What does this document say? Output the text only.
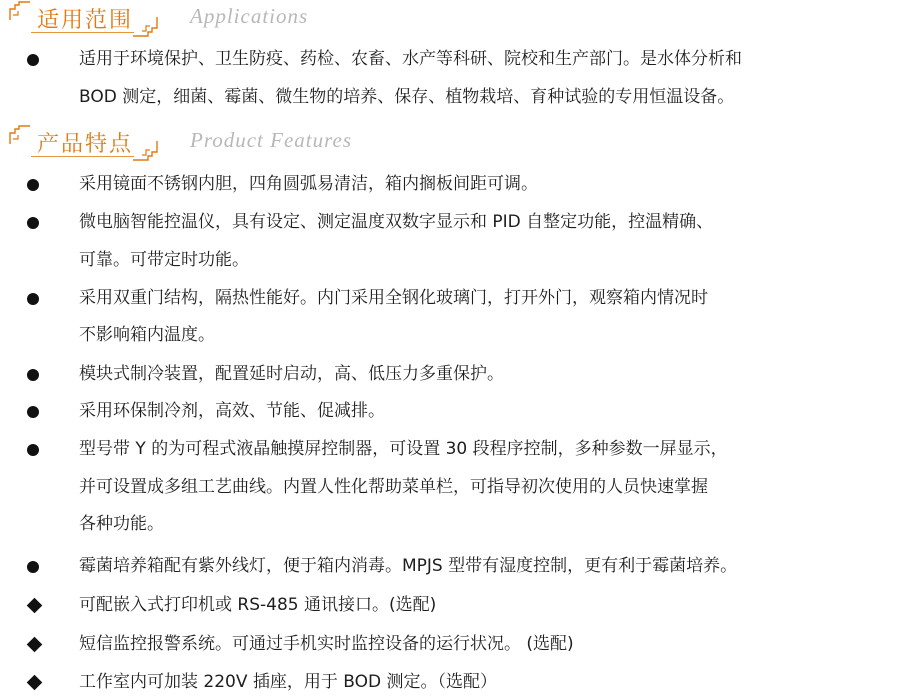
适用范围	Applications
适用于环境保护、卫生防疫、药检、农畜、水产等科研、院校和生产部门。是水体分析和
BOD 测定，细菌、霉菌、微生物的培养、保存、植物栽培、育种试验的专用恒温设备。
产品特点	Product Features
采用镜面不锈钢内胆，四角圆弧易清洁，箱内搁板间距可调。
微电脑智能控温仪，具有设定、测定温度双数字显示和 PID 自整定功能，控温精确、
可靠。可带定时功能。
采用双重门结构，隔热性能好。内门采用全钢化玻璃门，打开外门，观察箱内情况时
不影响箱内温度。
模块式制冷装置，配置延时启动，高、低压力多重保护。
采用环保制冷剂，高效、节能、促减排。
型号带 Y 的为可程式液晶触摸屏控制器，可设置 30 段程序控制，多种参数一屏显示，
并可设置成多组工艺曲线。内置人性化帮助菜单栏，可指导初次使用的人员快速掌握
各种功能。
霉菌培养箱配有紫外线灯，便于箱内消毒。MPJS 型带有湿度控制，更有利于霉菌培养。
可配嵌入式打印机或 RS-485 通讯接口。(选配)
短信监控报警系统。可通过手机实时监控设备的运行状况。 (选配)
工作室内可加装 220V 插座，用于 BOD 测定。（选配）
